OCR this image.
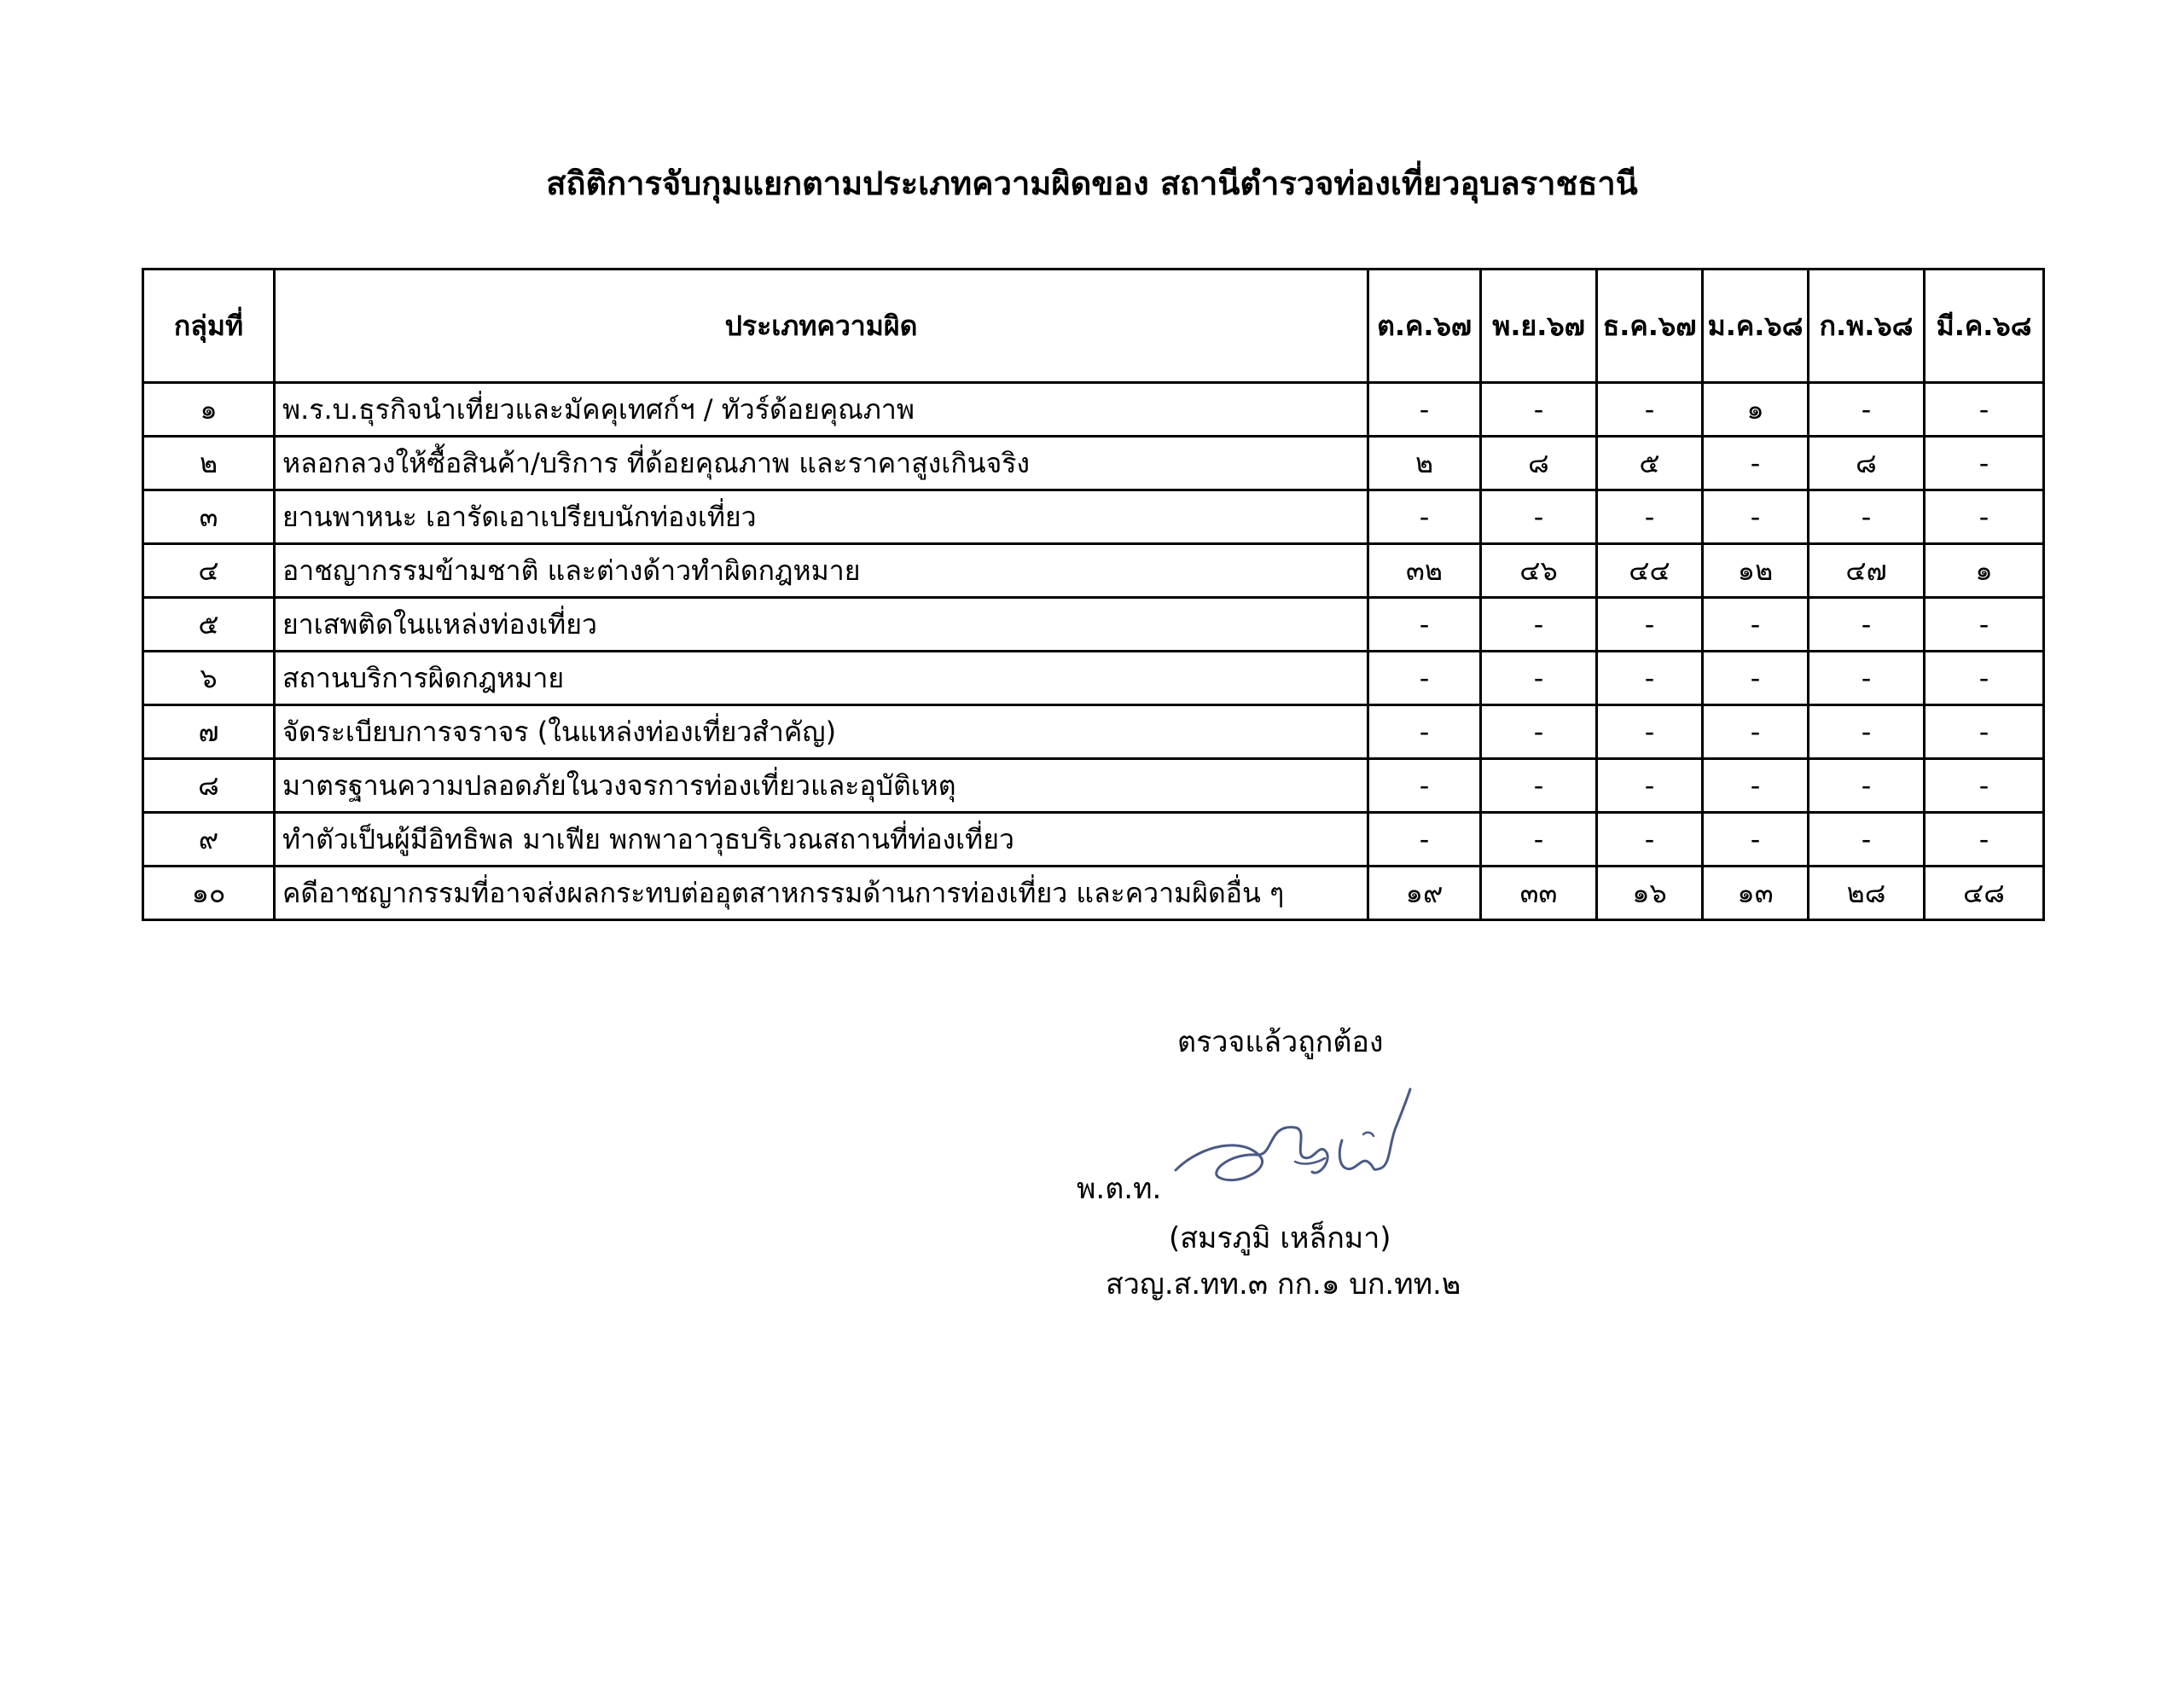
สถิติการจับกุมแยกตามประเภทความผิดของ สถานีตำรวจท่องเที่ยวอุบลราชธานี
กลุ่มที่	ประเภทความผิด	ต.ค.๖๗	พ.ย.๖๗	ธ.ค.๖๗	ม.ค.๖๘	ก.พ.๖๘	มี.ค.๖๘
๑	พ.ร.บ.ธุรกิจนำเที่ยวและมัคคุเทศก์ฯ / ทัวร์ด้อยคุณภาพ	-	-	-	๑	-	-
๒	หลอกลวงให้ซื้อสินค้า/บริการ ที่ด้อยคุณภาพ และราคาสูงเกินจริง	๒	๘	๕	-	๘	-
๓	ยานพาหนะ เอารัดเอาเปรียบนักท่องเที่ยว	-	-	-	-	-	-
๔	อาชญากรรมข้ามชาติ และต่างด้าวทำผิดกฎหมาย	๓๒	๔๖	๔๔	๑๒	๔๗	๑
๕	ยาเสพติดในแหล่งท่องเที่ยว	-	-	-	-	-	-
๖	สถานบริการผิดกฎหมาย	-	-	-	-	-	-
๗	จัดระเบียบการจราจร (ในแหล่งท่องเที่ยวสำคัญ)	-	-	-	-	-	-
๘	มาตรฐานความปลอดภัยในวงจรการท่องเที่ยวและอุบัติเหตุ	-	-	-	-	-	-
๙	ทำตัวเป็นผู้มีอิทธิพล มาเฟีย พกพาอาวุธบริเวณสถานที่ท่องเที่ยว	-	-	-	-	-	-
๑๐	คดีอาชญากรรมที่อาจส่งผลกระทบต่ออุตสาหกรรมด้านการท่องเที่ยว และความผิดอื่น ๆ	๑๙	๓๓	๑๖	๑๓	๒๘	๔๘
ตรวจแล้วถูกต้อง
พ.ต.ท.
(สมรภูมิ เหล็กมา)
สวญ.ส.ทท.๓ กก.๑ บก.ทท.๒
